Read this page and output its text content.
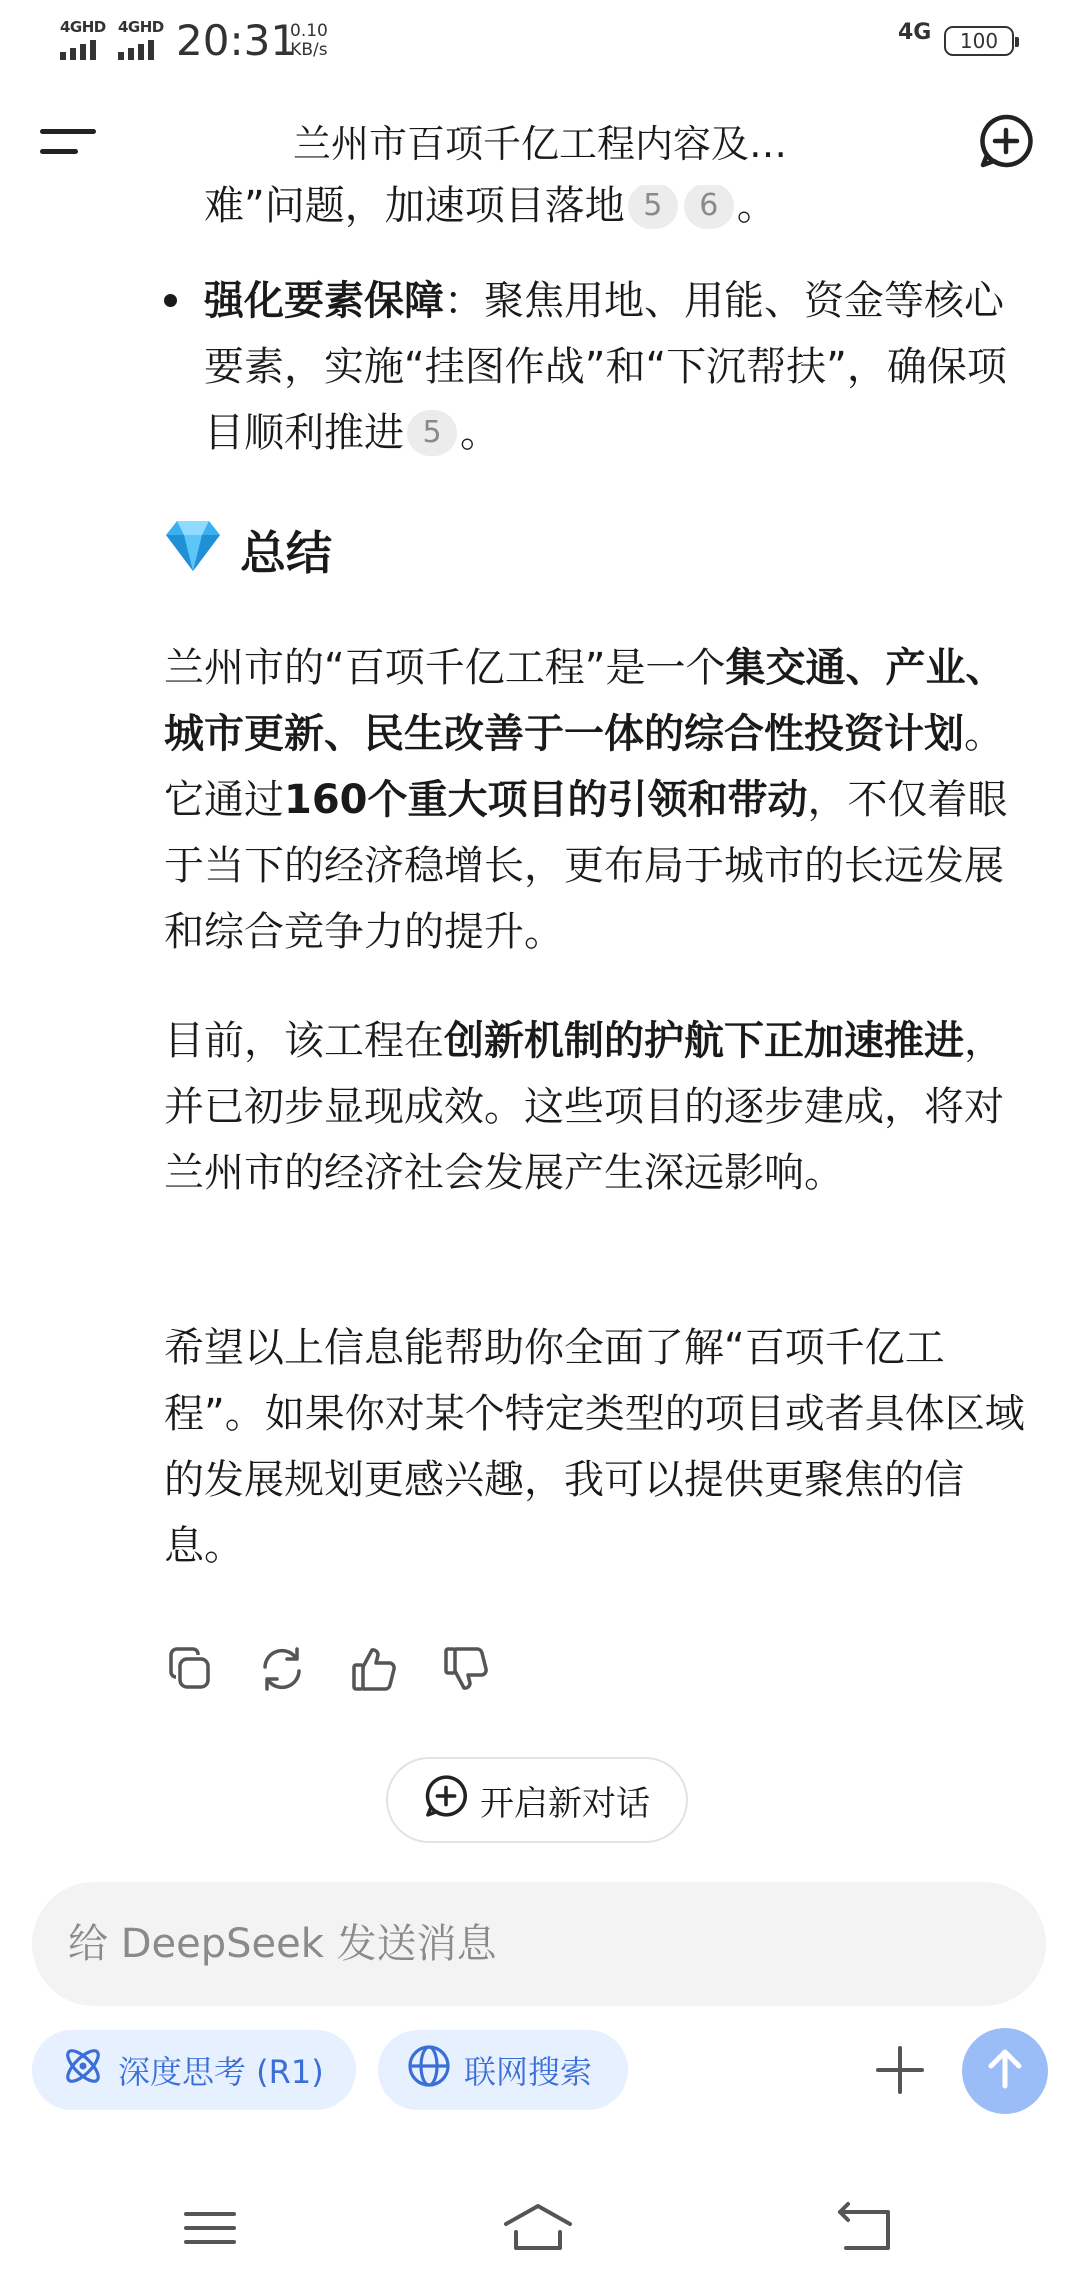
4GHD 4GHD 20:31
0.10
KB/s
4G 100
兰州市百项千亿工程内容及…
难”问题，加速项目落地 5 6 。
强化要素保障：聚焦用地、用能、资金等核心要素，实施“挂图作战”和“下沉帮扶”，确保项目顺利推进 5 。
总结
兰州市的“百项千亿工程”是一个集交通、产业、城市更新、民生改善于一体的综合性投资计划。它通过160个重大项目的引领和带动，不仅着眼于当下的经济稳增长，更布局于城市的长远发展和综合竞争力的提升。
目前，该工程在创新机制的护航下正加速推进，并已初步显现成效。这些项目的逐步建成，将对兰州市的经济社会发展产生深远影响。
希望以上信息能帮助你全面了解“百项千亿工程”。如果你对某个特定类型的项目或者具体区域的发展规划更感兴趣，我可以提供更聚焦的信息。
开启新对话
给 DeepSeek 发送消息
深度思考 (R1)	联网搜索
